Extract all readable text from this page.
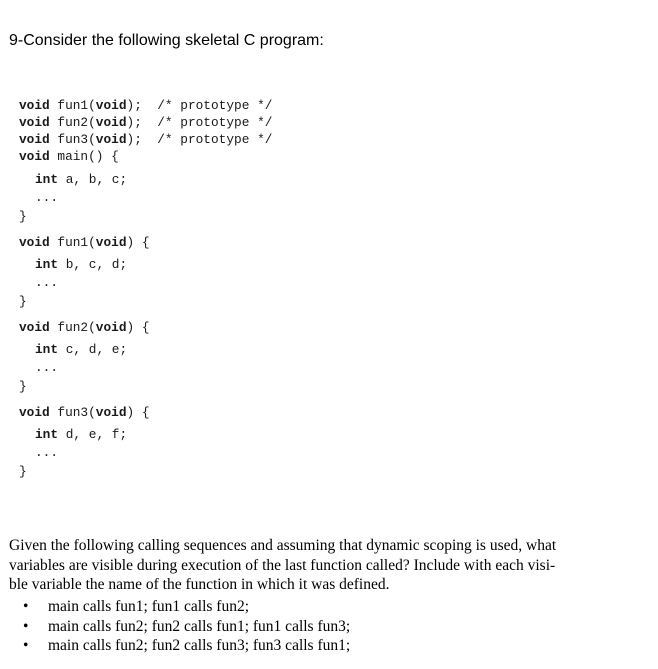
9-Consider the following skeletal C program:

void fun1(void);  /* prototype */

void fun2(void);  /* prototype */

void fun3(void);  /* prototype */

void main() {

int a, b, c;

...

}

void fun1(void) {

int b, c, d;

...

}

void fun2(void) {

int c, d, e;

...

}

void fun3(void) {

int d, e, f;

...

}

Given the following calling sequences and assuming that dynamic scoping is used, what
variables are visible during execution of the last function called? Include with each visi-
ble variable the name of the function in which it was defined.
• main calls fun1; fun1 calls fun2;
• main calls fun2; fun2 calls fun1; fun1 calls fun3;
• main calls fun2; fun2 calls fun3; fun3 calls fun1;
